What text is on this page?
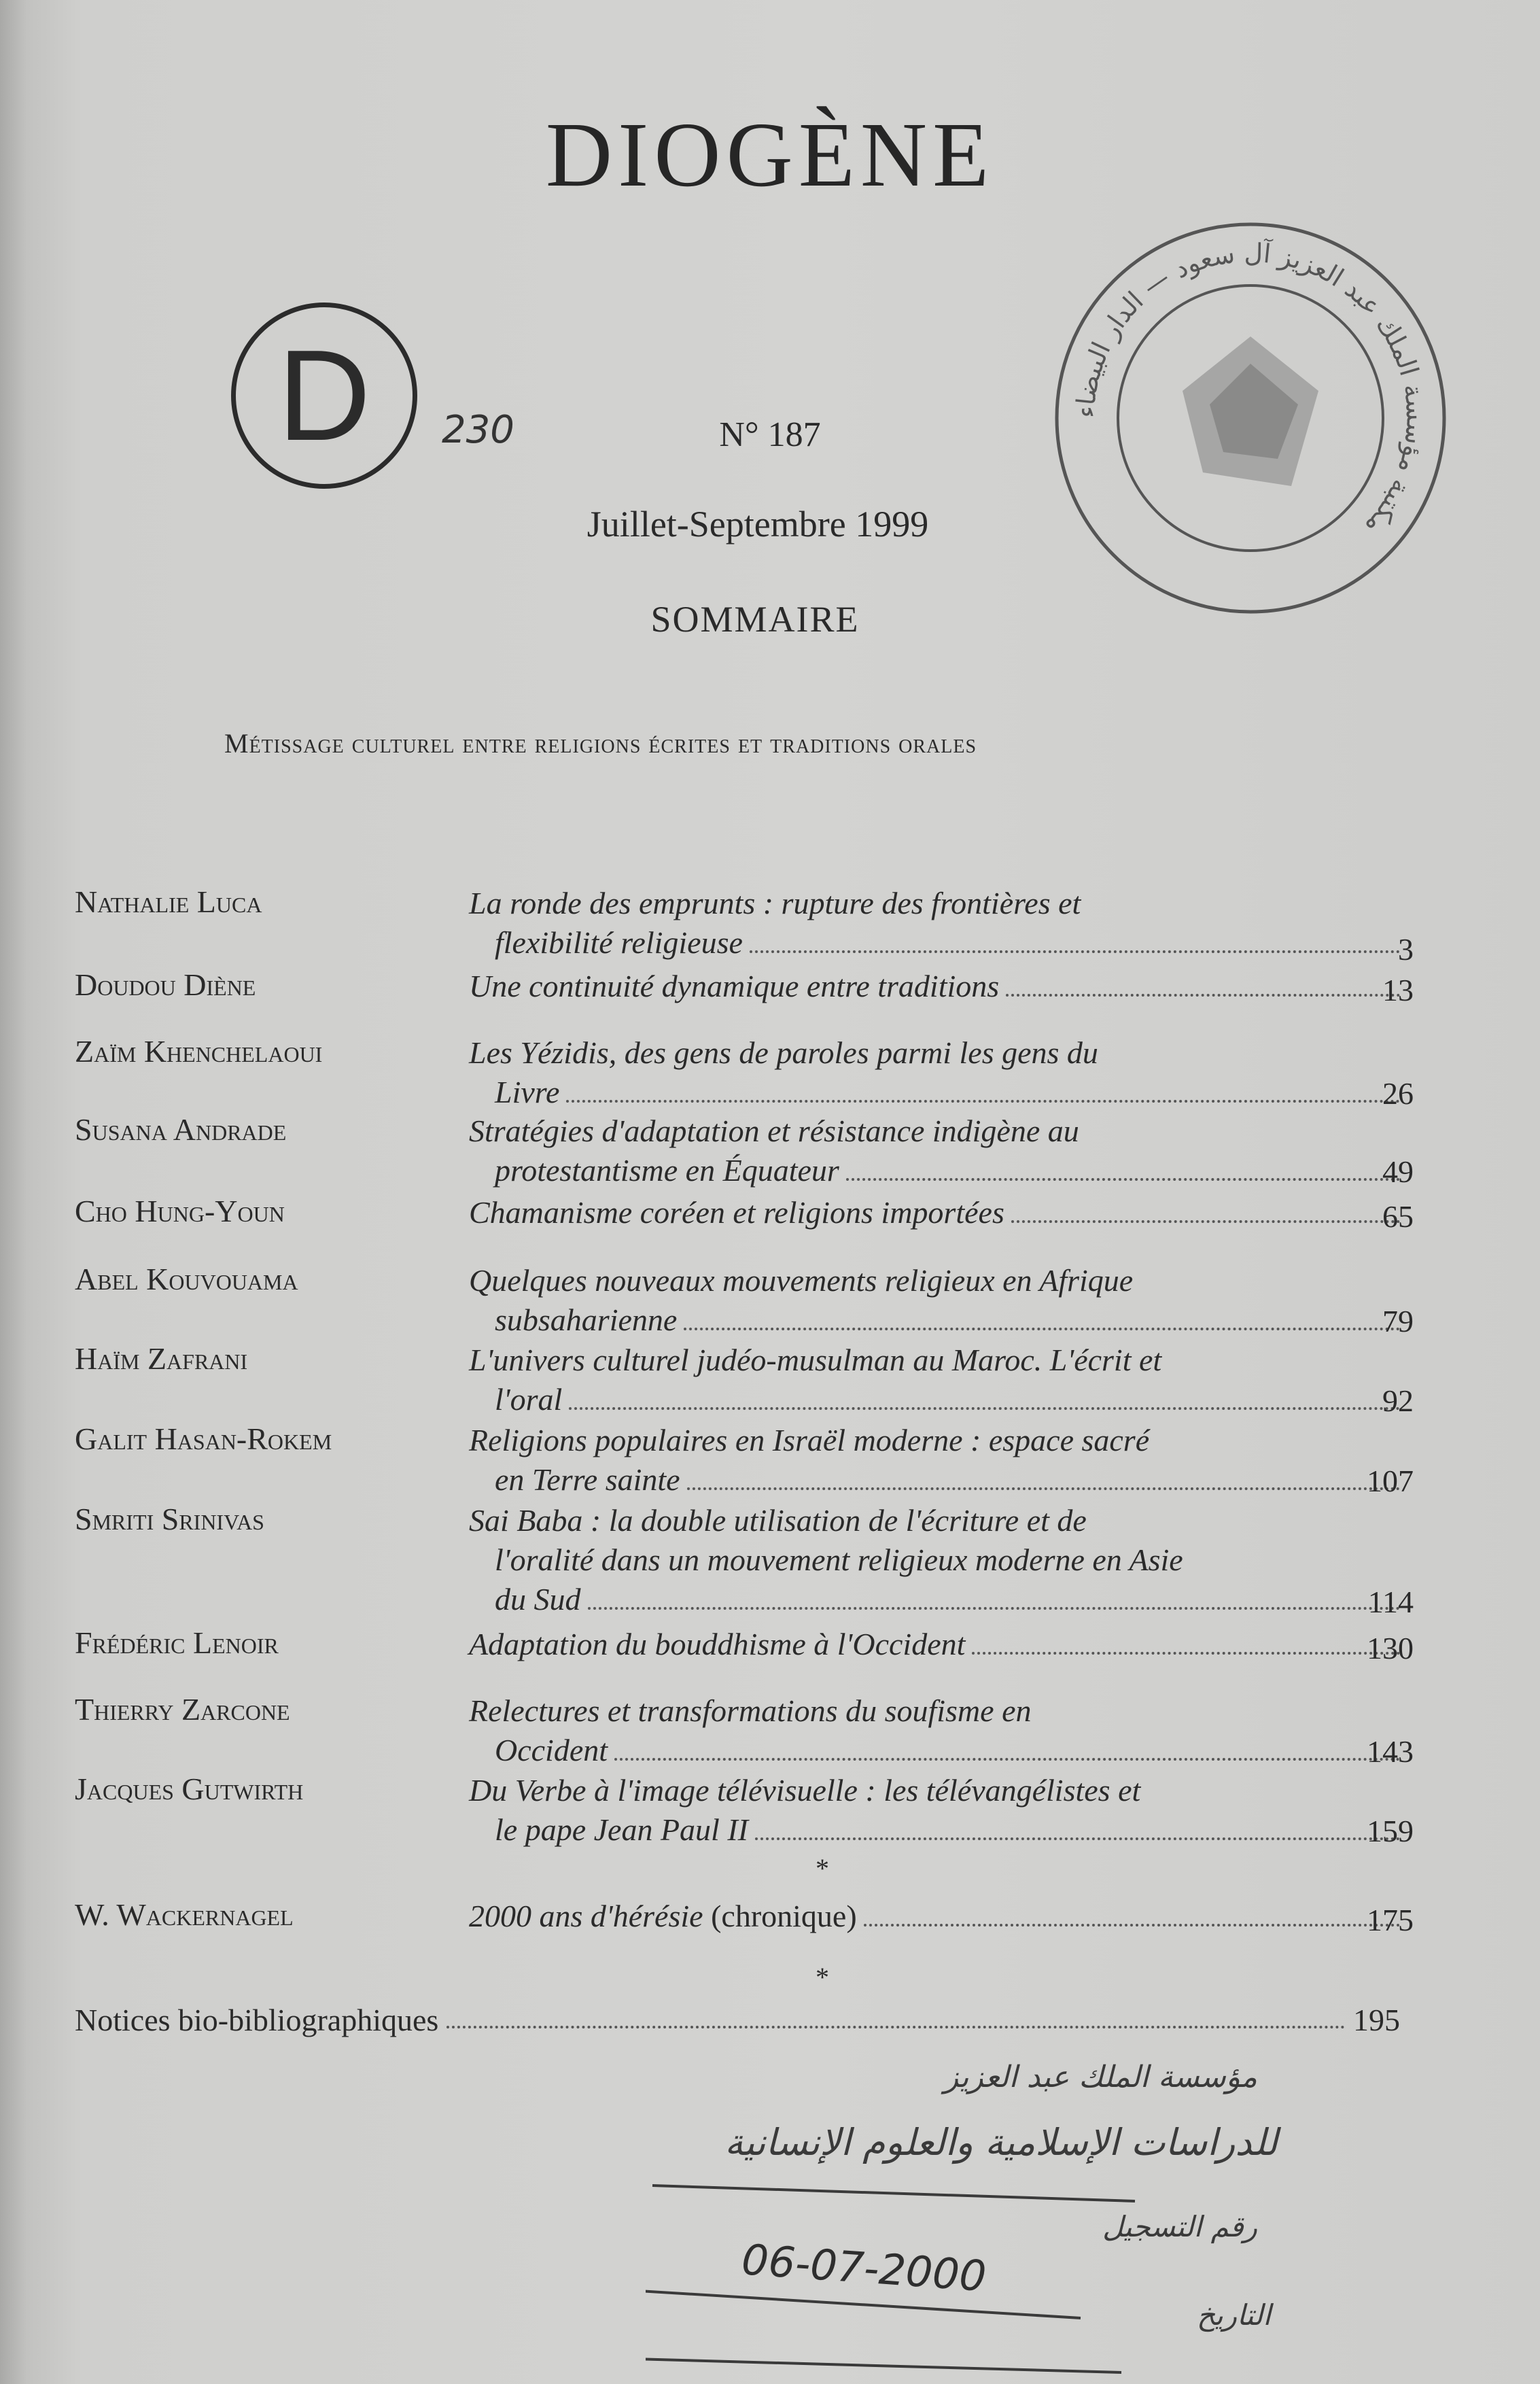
DIOGÈNE
D 230	N° 187
Juillet-Septembre 1999
SOMMAIRE
Métissage culturel entre religions écrites et traditions orales
مكتبة مؤسسة الملك عبد العزيز آل سعود — الدار البيضاء
Nathalie Luca	La ronde des emprunts : rupture des frontières et
flexibilité religieuse	3
Doudou Diène	Une continuité dynamique entre traditions	13
Zaïm Khenchelaoui	Les Yézidis, des gens de paroles parmi les gens du
Livre	26
Susana Andrade	Stratégies d'adaptation et résistance indigène au
protestantisme en Équateur	49
Cho Hung-Youn	Chamanisme coréen et religions importées	65
Abel Kouvouama	Quelques nouveaux mouvements religieux en Afrique
subsaharienne	79
Haïm Zafrani	L'univers culturel judéo-musulman au Maroc. L'écrit et
l'oral	92
Galit Hasan-Rokem	Religions populaires en Israël moderne : espace sacré
en Terre sainte	107
Smriti Srinivas	Sai Baba : la double utilisation de l'écriture et de
l'oralité dans un mouvement religieux moderne en Asie
du Sud	114
Frédéric Lenoir	Adaptation du bouddhisme à l'Occident	130
Thierry Zarcone	Relectures et transformations du soufisme en
Occident	143
Jacques Gutwirth	Du Verbe à l'image télévisuelle : les télévangélistes et
le pape Jean Paul II	159
*
W. Wackernagel	2000 ans d'hérésie
(chronique)	175
*
Notices bio-bibliographiques	195
مؤسسة الملك عبد العزيز
للدراسات الإسلامية والعلوم الإنسانية
رقم التسجيل
06-07-2000
التاريخ
